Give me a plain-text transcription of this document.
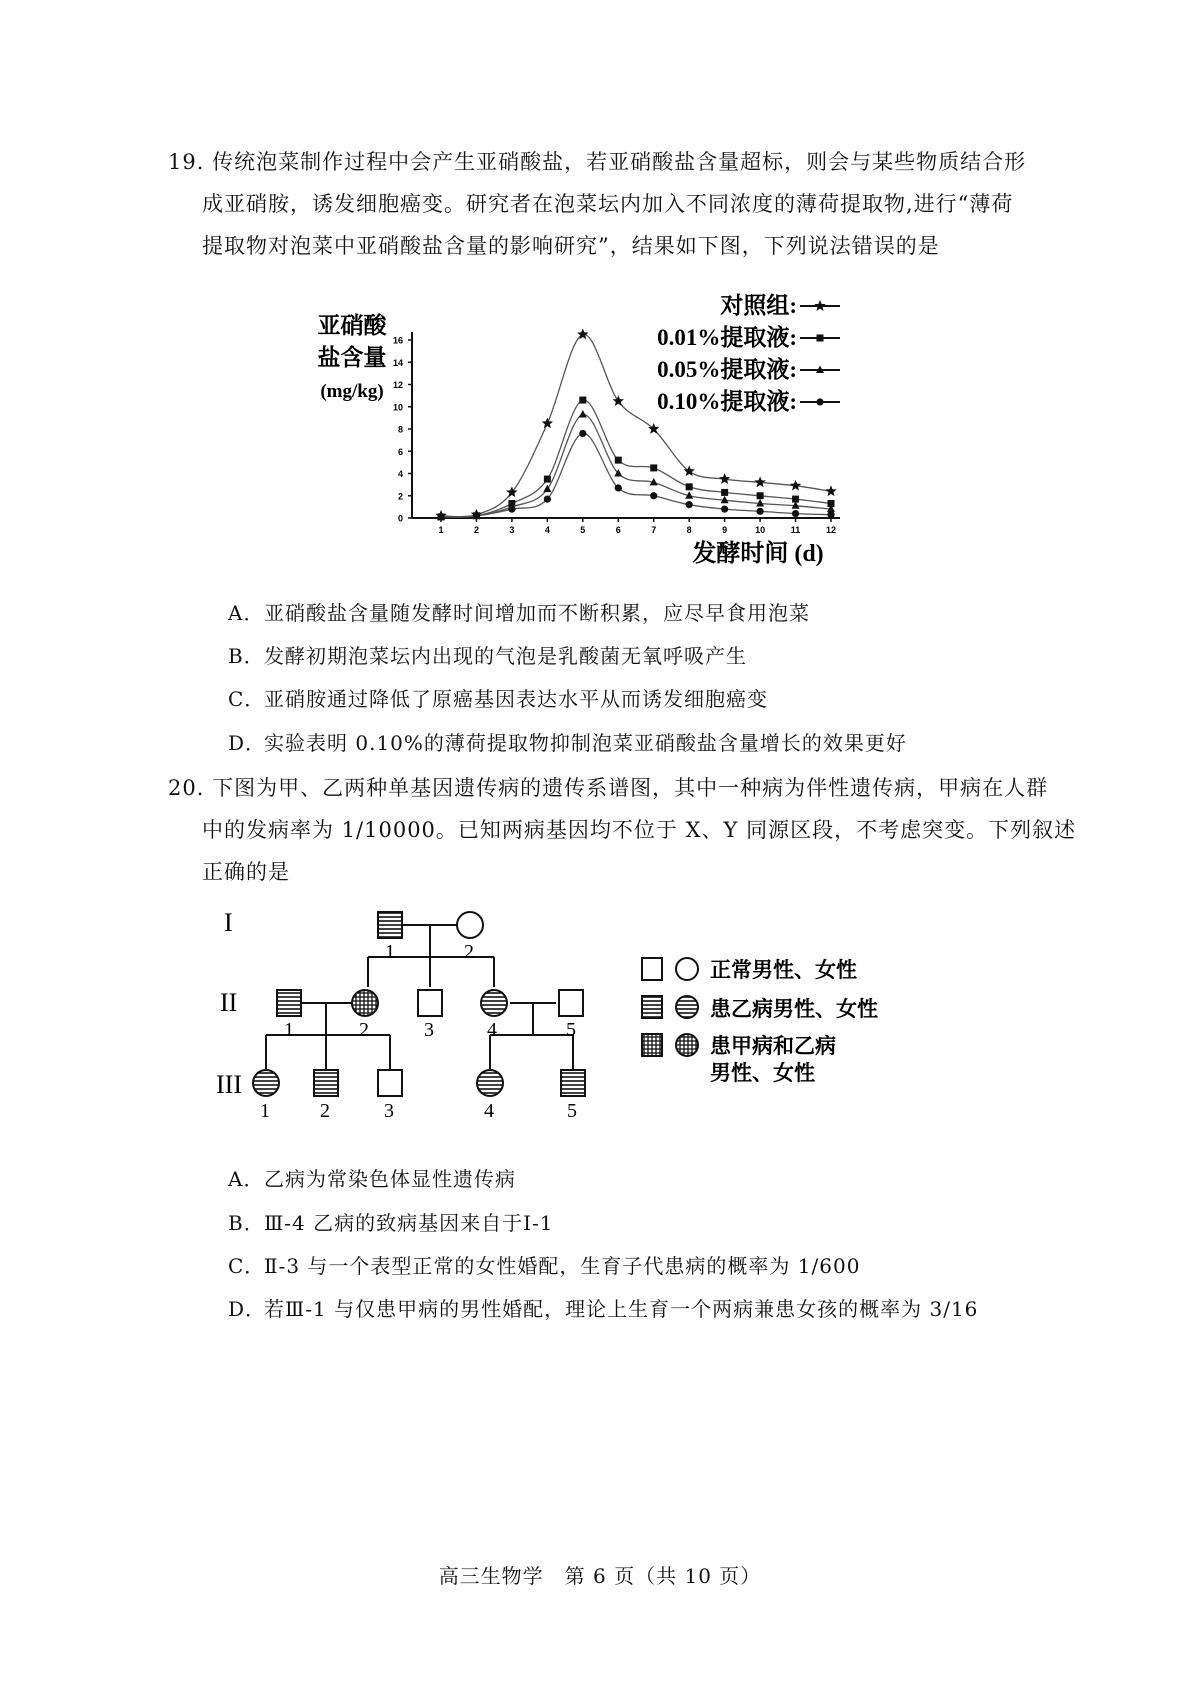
19. 传统泡菜制作过程中会产生亚硝酸盐，若亚硝酸盐含量超标，则会与某些物质结合形
成亚硝胺，诱发细胞癌变。研究者在泡菜坛内加入不同浓度的薄荷提取物,进行“薄荷
提取物对泡菜中亚硝酸盐含量的影响研究”，结果如下图，下列说法错误的是
0
2
4
6
8
10
12
14
16
1	2	3	4	5	6	7	8	9	10	11	12
亚硝酸
盐含量
(mg/kg)
发酵时间 (d)
对照组:
0.01%提取液:
0.05%提取液:
0.10%提取液:
A．亚硝酸盐含量随发酵时间增加而不断积累，应尽早食用泡菜
B．发酵初期泡菜坛内出现的气泡是乳酸菌无氧呼吸产生
C．亚硝胺通过降低了原癌基因表达水平从而诱发细胞癌变
D．实验表明 0.10%的薄荷提取物抑制泡菜亚硝酸盐含量增长的效果更好
20. 下图为甲、乙两种单基因遗传病的遗传系谱图，其中一种病为伴性遗传病，甲病在人群
中的发病率为 1/10000。已知两病基因均不位于 X、Y 同源区段，不考虑突变。下列叙述
正确的是
I
II
III
1	2
1	2	3	4	5
1	2	3	4	5
正常男性、女性
患乙病男性、女性
患甲病和乙病
男性、女性
A．乙病为常染色体显性遗传病
B．Ⅲ-4 乙病的致病基因来自于Ⅰ-1
C．Ⅱ-3 与一个表型正常的女性婚配，生育子代患病的概率为 1/600
D．若Ⅲ-1 与仅患甲病的男性婚配，理论上生育一个两病兼患女孩的概率为 3/16
高三生物学　第 6 页（共 10 页）
